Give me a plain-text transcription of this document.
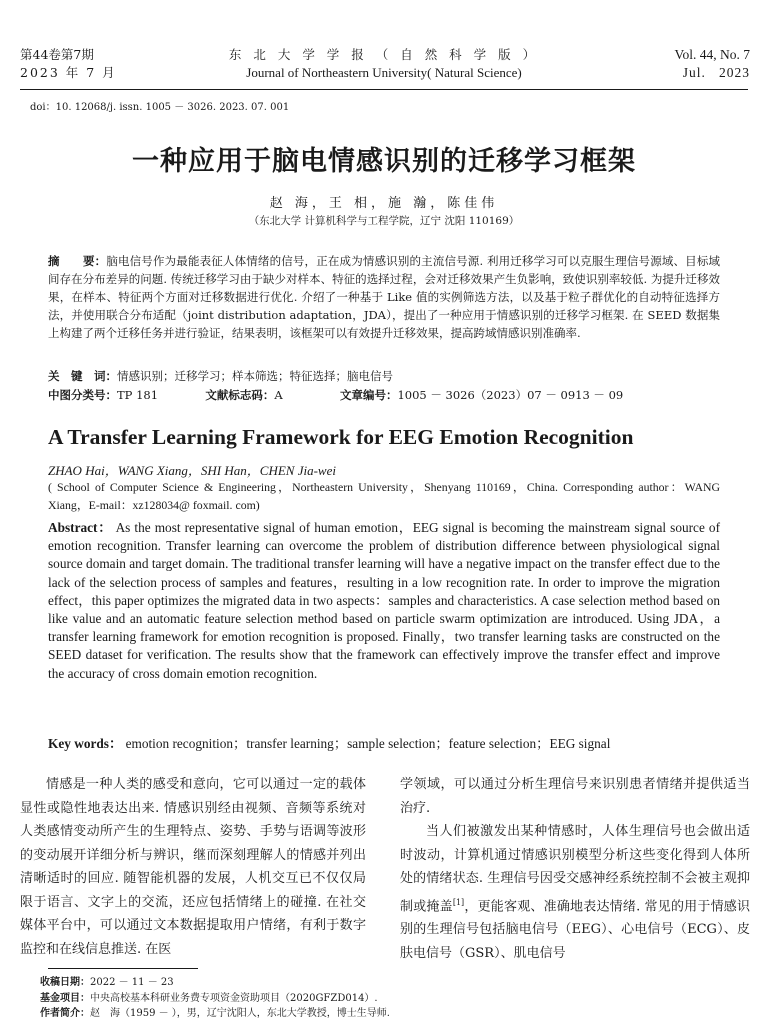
第44卷第7期
2023 年 7 月
东 北 大 学 学 报 （ 自 然 科 学 版 ）
Journal of Northeastern University( Natural Science)
Vol. 44, No. 7
Jul.   2023
doi：10. 12068/j. issn. 1005 － 3026. 2023. 07. 001
一种应用于脑电情感识别的迁移学习框架
赵 海，王 相，施 瀚，陈佳伟
（东北大学 计算机科学与工程学院，辽宁 沈阳 110169）
摘　　要：脑电信号作为最能表征人体情绪的信号，正在成为情感识别的主流信号源. 利用迁移学习可以克服生理信号源域、目标域间存在分布差异的问题. 传统迁移学习由于缺少对样本、特征的选择过程，会对迁移效果产生负影响，致使识别率较低. 为提升迁移效果，在样本、特征两个方面对迁移数据进行优化. 介绍了一种基于 Like 值的实例筛选方法，以及基于粒子群优化的自动特征选择方法，并使用联合分布适配（joint distribution adaptation，JDA），提出了一种应用于情感识别的迁移学习框架. 在 SEED 数据集上构建了两个迁移任务并进行验证，结果表明，该框架可以有效提升迁移效果，提高跨域情感识别准确率.
关　键　词：情感识别；迁移学习；样本筛选；特征选择；脑电信号
中图分类号：TP 181	文献标志码：A	文章编号：1005 － 3026（2023）07 － 0913 － 09
A Transfer Learning Framework for EEG Emotion Recognition
ZHAO Hai，WANG Xiang，SHI Han，CHEN Jia-wei
( School of Computer Science & Engineering，Northeastern University，Shenyang 110169，China. Corresponding author：WANG Xiang，E-mail：xz128034@ foxmail. com)
Abstract： As the most representative signal of human emotion，EEG signal is becoming the mainstream signal source of emotion recognition. Transfer learning can overcome the problem of distribution difference between physiological signal source domain and target domain. The traditional transfer learning will have a negative impact on the transfer effect due to the lack of the selection process of samples and features，resulting in a low recognition rate. In order to improve the migration effect，this paper optimizes the migrated data in two aspects：samples and characteristics. A case selection method based on like value and an automatic feature selection method based on particle swarm optimization are introduced. Using JDA，a transfer learning framework for emotion recognition is proposed. Finally，two transfer learning tasks are constructed on the SEED dataset for verification. The results show that the framework can effectively improve the transfer effect and improve the accuracy of cross domain emotion recognition.
Key words： emotion recognition；transfer learning；sample selection；feature selection；EEG signal
情感是一种人类的感受和意向，它可以通过一定的载体显性或隐性地表达出来. 情感识别经由视频、音频等系统对人类感情变动所产生的生理特点、姿势、手势与语调等波形的变动展开详细分析与辨识，继而深刻理解人的情感并列出清晰适时的回应. 随智能机器的发展，人机交互已不仅仅局限于语言、文字上的交流，还应包括情绪上的碰撞. 在社交媒体平台中，可以通过文本数据提取用户情绪，有利于数字监控和在线信息推送. 在医
学领域，可以通过分析生理信号来识别患者情绪并提供适当治疗.
当人们被激发出某种情感时，人体生理信号也会做出适时波动，计算机通过情感识别模型分析这些变化得到人体所处的情绪状态. 生理信号因受交感神经系统控制不会被主观抑制或掩盖[1]，更能客观、准确地表达情绪. 常见的用于情感识别的生理信号包括脑电信号（EEG）、心电信号（ECG）、皮肤电信号（GSR）、肌电信号
收稿日期：2022 － 11 － 23
基金项目：中央高校基本科研业务费专项资金资助项目（2020GFZD014）.
作者简介：赵　海（1959 － ），男，辽宁沈阳人，东北大学教授，博士生导师.
